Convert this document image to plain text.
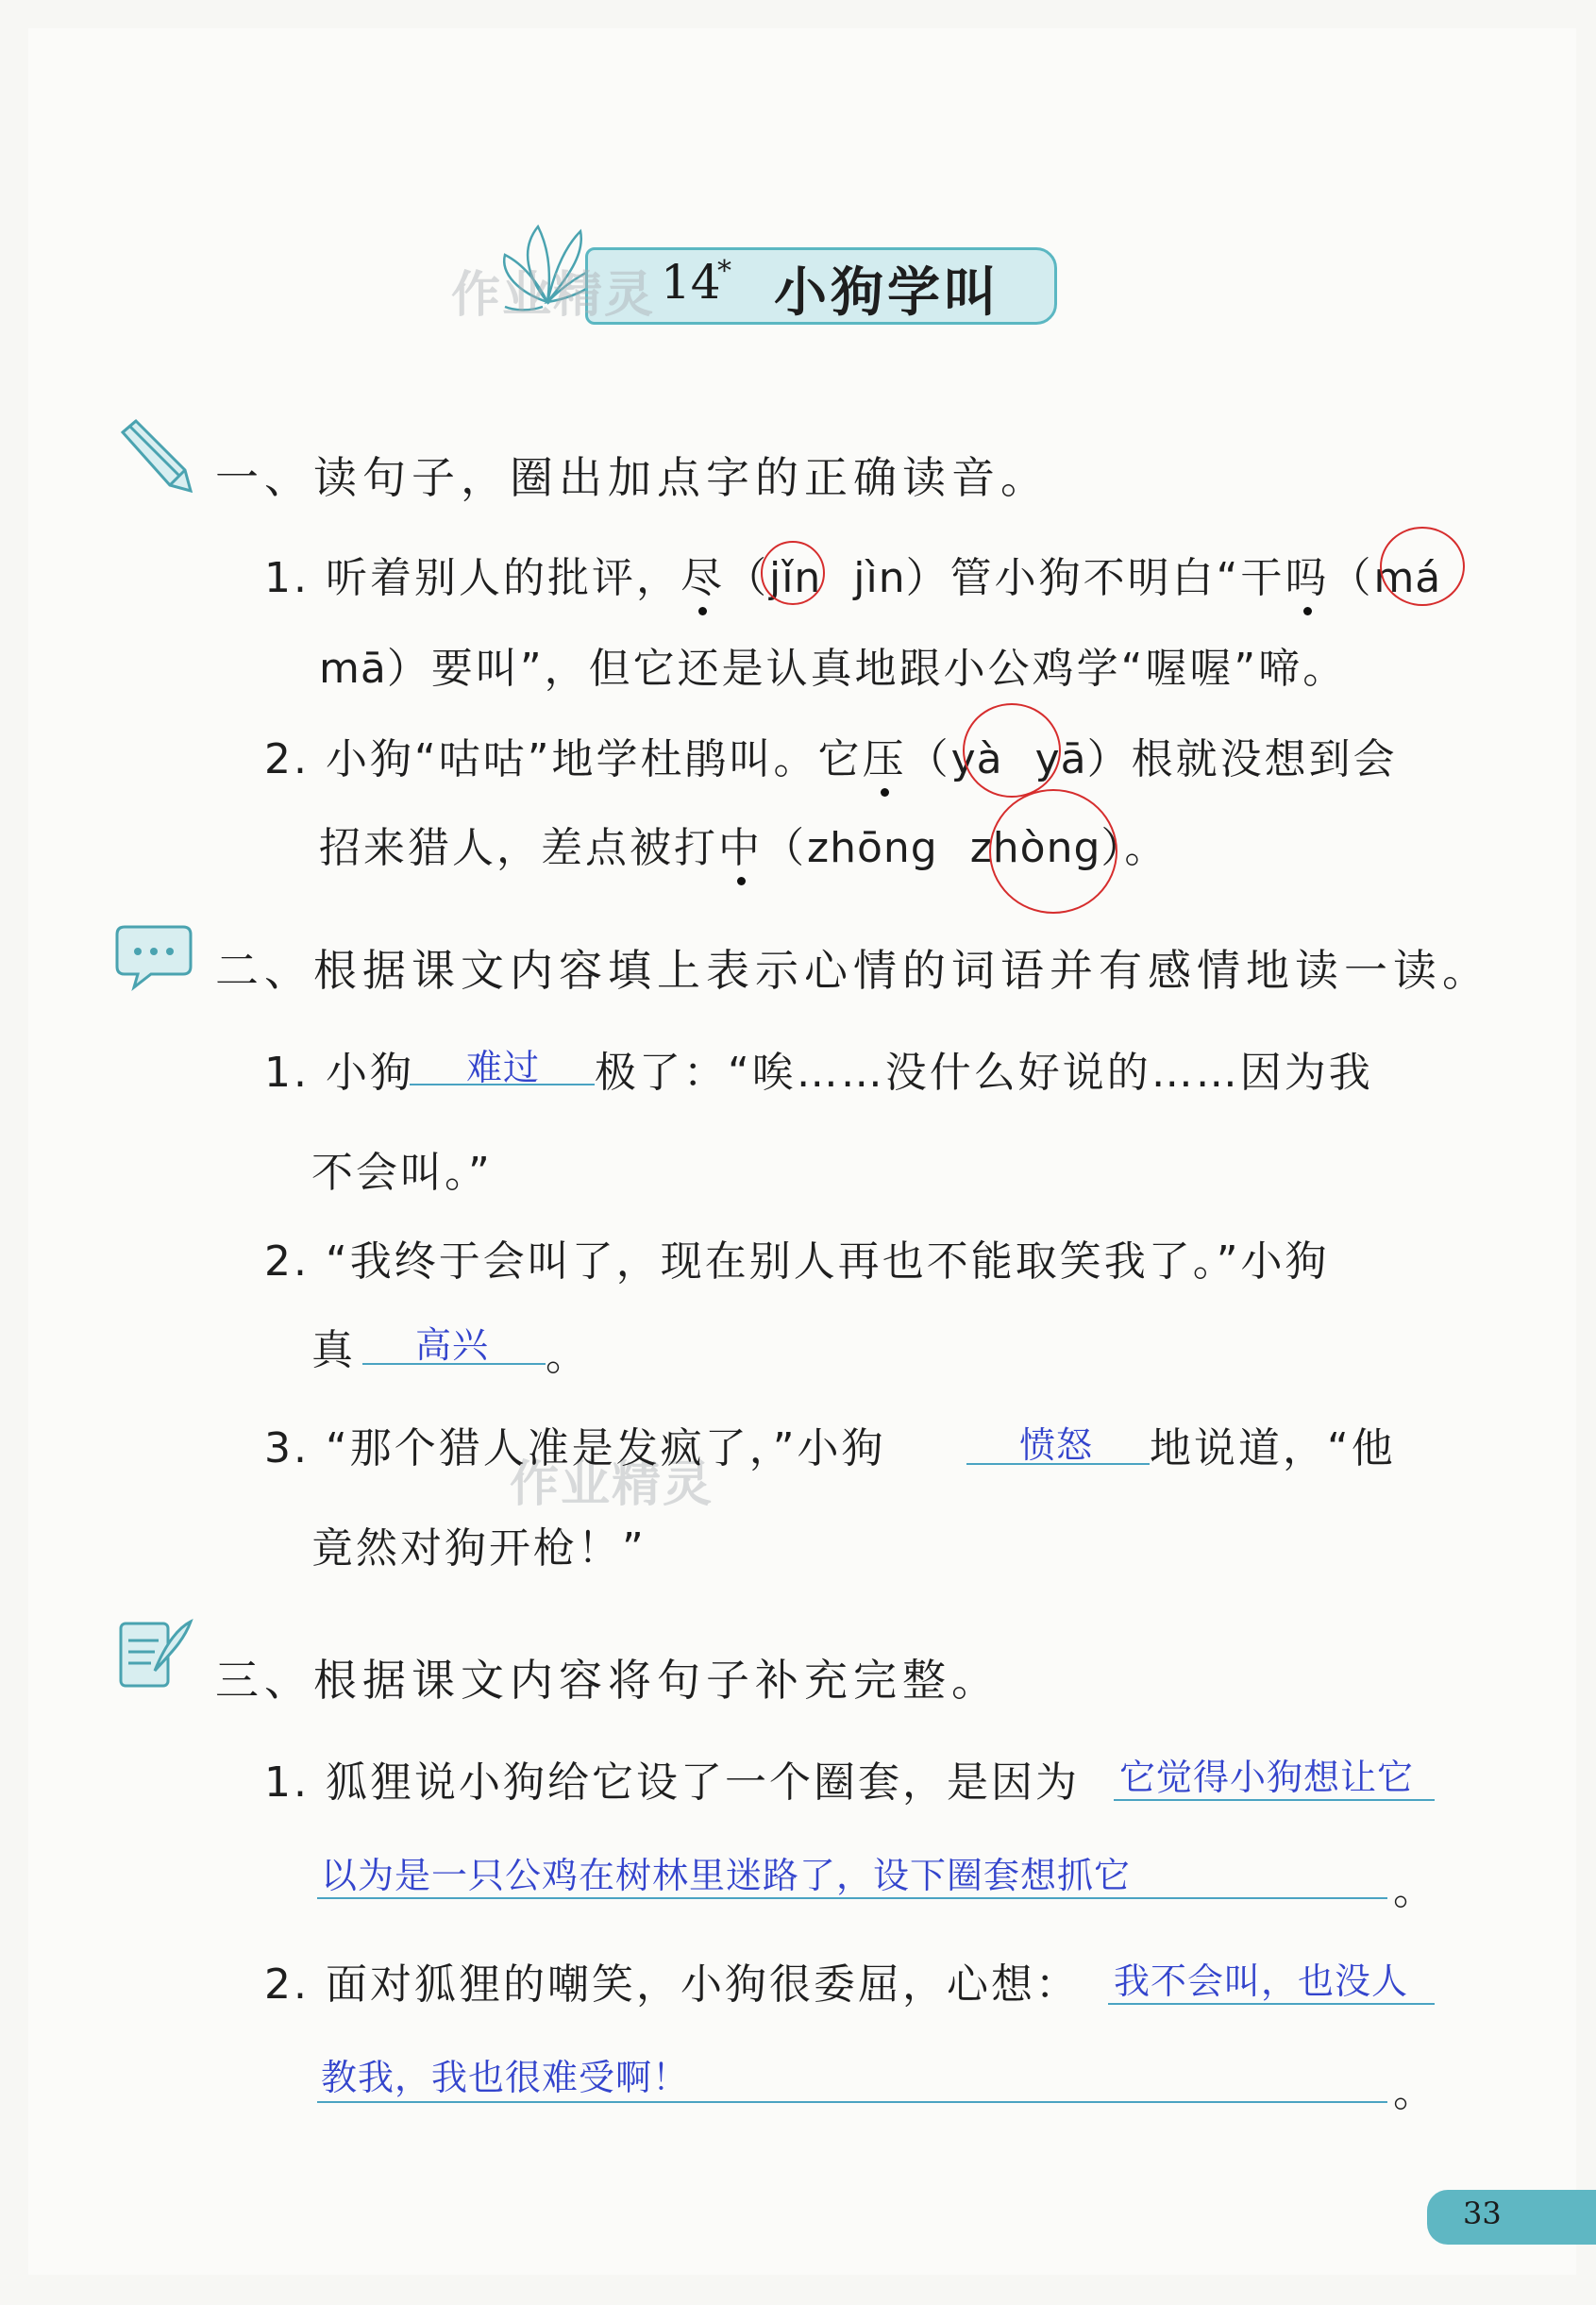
作业精灵 14
* 小狗学叫
一、读句子，圈出加点字的正确读音。
1. 听着别人的批评，尽（jǐn jìn）管小狗不明白“干吗（má
mā）要叫”，但它还是认真地跟小公鸡学“喔喔”啼。
2. 小狗“咕咕”地学杜鹃叫。它压（yà yā）根就没想到会
招来猎人，差点被打中（zhōng zhòng）。
二、根据课文内容填上表示心情的词语并有感情地读一读。
1. 小狗 难过 极了：“唉……没什么好说的……因为我
不会叫。”
2. “我终于会叫了，现在别人再也不能取笑我了。”小狗
真 高兴 。
作业精灵
3. “那个猎人准是发疯了，”小狗	愤怒 地说道，“他
竟然对狗开枪！”
三、根据课文内容将句子补充完整。
1. 狐狸说小狗给它设了一个圈套，是因为 它觉得小狗想让它
以为是一只公鸡在树林里迷路了，设下圈套想抓它	。
2. 面对狐狸的嘲笑，小狗很委屈，心想： 我不会叫，也没人
教我，我也很难受啊！	。
33
